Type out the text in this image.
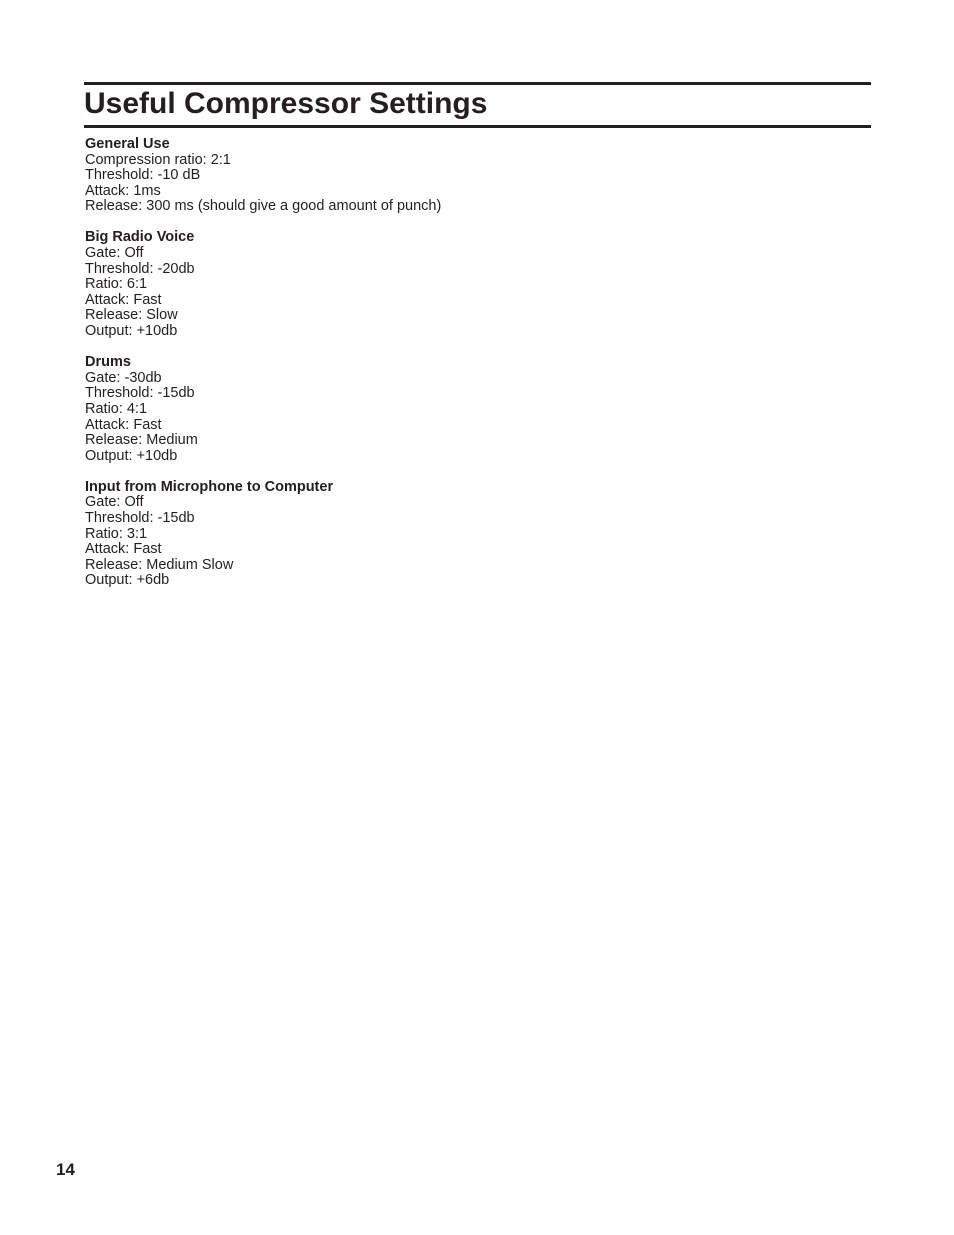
Useful Compressor Settings

General Use

Compression ratio: 2:1

Threshold: -10 dB

Attack: 1ms

Release: 300 ms (should give a good amount of punch)

Big Radio Voice

Gate: Off

Threshold: -20db

Ratio: 6:1

Attack: Fast

Release: Slow

Output: +10db

Drums

Gate: -30db

Threshold: -15db

Ratio: 4:1

Attack: Fast

Release: Medium

Output: +10db

Input from Microphone to Computer

Gate: Off

Threshold: -15db

Ratio: 3:1

Attack: Fast

Release: Medium Slow

Output: +6db

14
